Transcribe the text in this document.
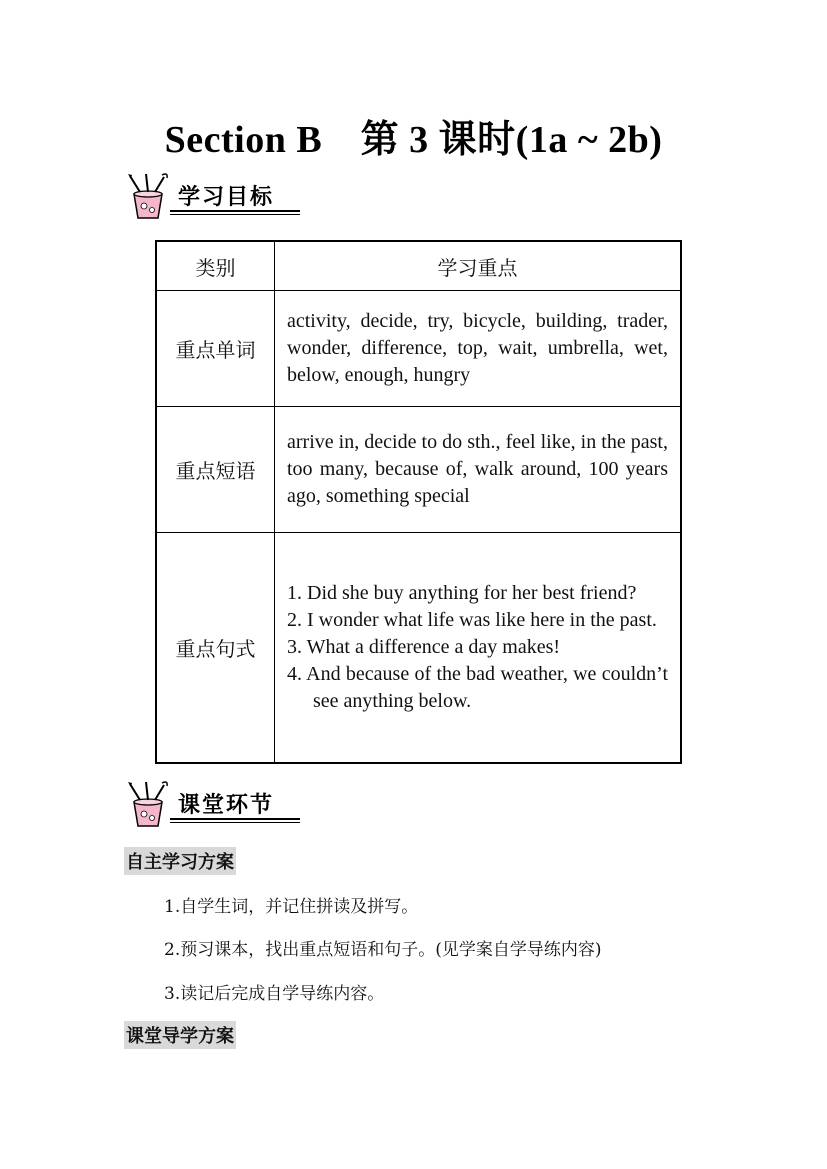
Section B　第 3 课时(1a ~ 2b)
学习目标
类别	学习重点
重点单词	activity, decide, try, bicycle, building, trader, wonder, difference, top, wait, umbrella, wet, below, enough, hungry
重点短语	arrive in, decide to do sth., feel like, in the past, too many, because of, walk around, 100 years ago, something special
重点句式	1. Did she buy anything for her best friend?

2. I wonder what life was like here in the past.

3. What a difference a day makes!

4. And because of the bad weather, we couldn’t see anything below.

课堂环节
自主学习方案
1.自学生词，并记住拼读及拼写。
2.预习课本，找出重点短语和句子。(见学案自学导练内容)
3.读记后完成自学导练内容。
课堂导学方案
